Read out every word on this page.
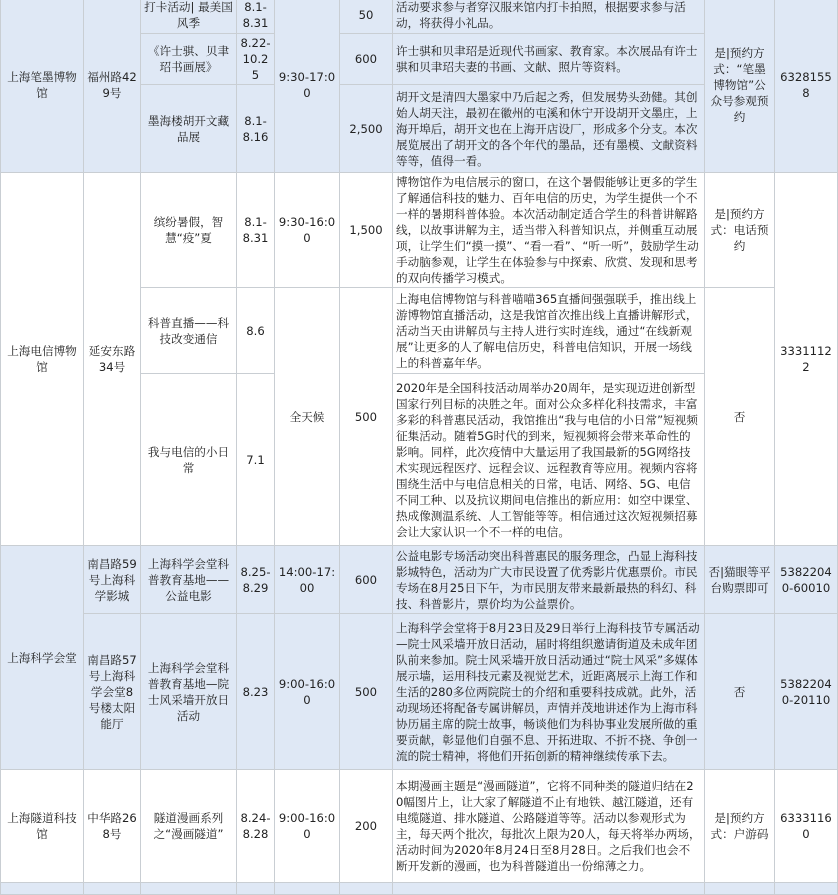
上海笔墨博物馆	福州路429号	打卡活动| 最美国风季	8.1-8.31	9:30-17:00	50	活动要求参与者穿汉服来馆内打卡拍照，根据要求参与活动，将获得小礼品。	是|预约方式：“笔墨博物馆”公众号参观预约	63281558
		《许士骐、贝聿玿书画展》	8.22-10.25		600	许士骐和贝聿玿是近现代书画家、教育家。本次展品有许士骐和贝聿玿夫妻的书画、文献、照片等资料。		
		墨海楼胡开文藏品展	8.1-8.16		2,500	胡开文是清四大墨家中乃后起之秀，但发展势头劲健。其创始人胡天注，最初在徽州的屯溪和休宁开设胡开文墨庄，上海开埠后，胡开文也在上海开店设厂，形成多个分支。本次展览展出了胡开文的各个年代的墨品，还有墨模、文献资料等等，值得一看。		
上海电信博物馆	延安东路34号	缤纷暑假，智慧“疫”夏	8.1-8.31	9:30-16:00	1,500	博物馆作为电信展示的窗口，在这个暑假能够让更多的学生了解通信科技的魅力、百年电信的历史，为学生提供一个不一样的暑期科普体验。本次活动制定适合学生的科普讲解路线，以故事讲解为主，适当带入科普知识点，并侧重互动展项，让学生们“摸一摸”、“看一看”、“听一听”，鼓励学生动手动脑参观，让学生在体验参与中探索、欣赏、发现和思考的双向传播学习模式。	是|预约方式：电话预约	33311122
		科普直播——科技改变通信	8.6	全天候	500	上海电信博物馆与科普喵喵365直播间强强联手，推出线上游博物馆直播活动，这是我馆首次推出线上直播讲解形式，活动当天由讲解员与主持人进行实时连线，通过“在线新观展”让更多的人了解电信历史，科普电信知识，开展一场线上的科普嘉年华。	否	
		我与电信的小日常	7.1			2020年是全国科技活动周举办20周年，是实现迈进创新型国家行列目标的决胜之年。面对公众多样化科技需求，丰富多彩的科普惠民活动，我馆推出“我与电信的小日常”短视频征集活动。随着5G时代的到来，短视频将会带来革命性的影响。同样，此次疫情中大量运用了我国最新的5G网络技术实现远程医疗、远程会议、远程教育等应用。视频内容将围绕生活中与电信息相关的日常，电话、网络、5G、电信不同工种、以及抗议期间电信推出的新应用：如空中课堂、热成像测温系统、人工智能等等。相信通过这次短视频招募会让大家认识一个不一样的电信。		
上海科学会堂	南昌路59号上海科学影城	上海科学会堂科普教育基地——公益电影	8.25-8.29	14:00-17:00	600	公益电影专场活动突出科普惠民的服务理念，凸显上海科技影城特色，活动为广大市民设置了优秀影片优惠票价。市民专场在8月25日下午，为市民朋友带来最新最热的科幻、科技、科普影片，票价均为公益票价。	否|猫眼等平台购票即可	53822040-60010
	南昌路57号上海科学会堂8号楼太阳能厅	上海科学会堂科普教育基地—院士风采墙开放日活动	8.23	9:00-16:00	500	上海科学会堂将于8月23日及29日举行上海科技节专属活动—院士风采墙开放日活动，届时将组织邀请街道及未成年团队前来参加。院士风采墙开放日活动通过“院士风采”多媒体展示墙，运用科技元素及视觉艺术，近距离展示上海工作和生活的280多位两院院士的介绍和重要科技成就。此外，活动现场还将配备专属讲解员，声情并茂地讲述作为上海市科协历届主席的院士故事，畅谈他们为科协事业发展所做的重要贡献，彰显他们自强不息、开拓进取、不折不挠、争创一流的院士精神，将他们开拓创新的精神继续传承下去。	否	53822040-20110
上海隧道科技馆	中华路268号	隧道漫画系列之“漫画隧道”	8.24-8.28	9:00-16:00	200	本期漫画主题是“漫画隧道”，它将不同种类的隧道归结在20幅图片上，让大家了解隧道不止有地铁、越江隧道，还有电缆隧道、排水隧道、公路隧道等等。活动以参观形式为主，每天两个批次，每批次上限为20人，每天将举办两场，活动时间为2020年8月24日至8月28日。之后我们也会不断开发新的漫画，也为科普隧道出一份绵薄之力。	是|预约方式：户游码	63331160
